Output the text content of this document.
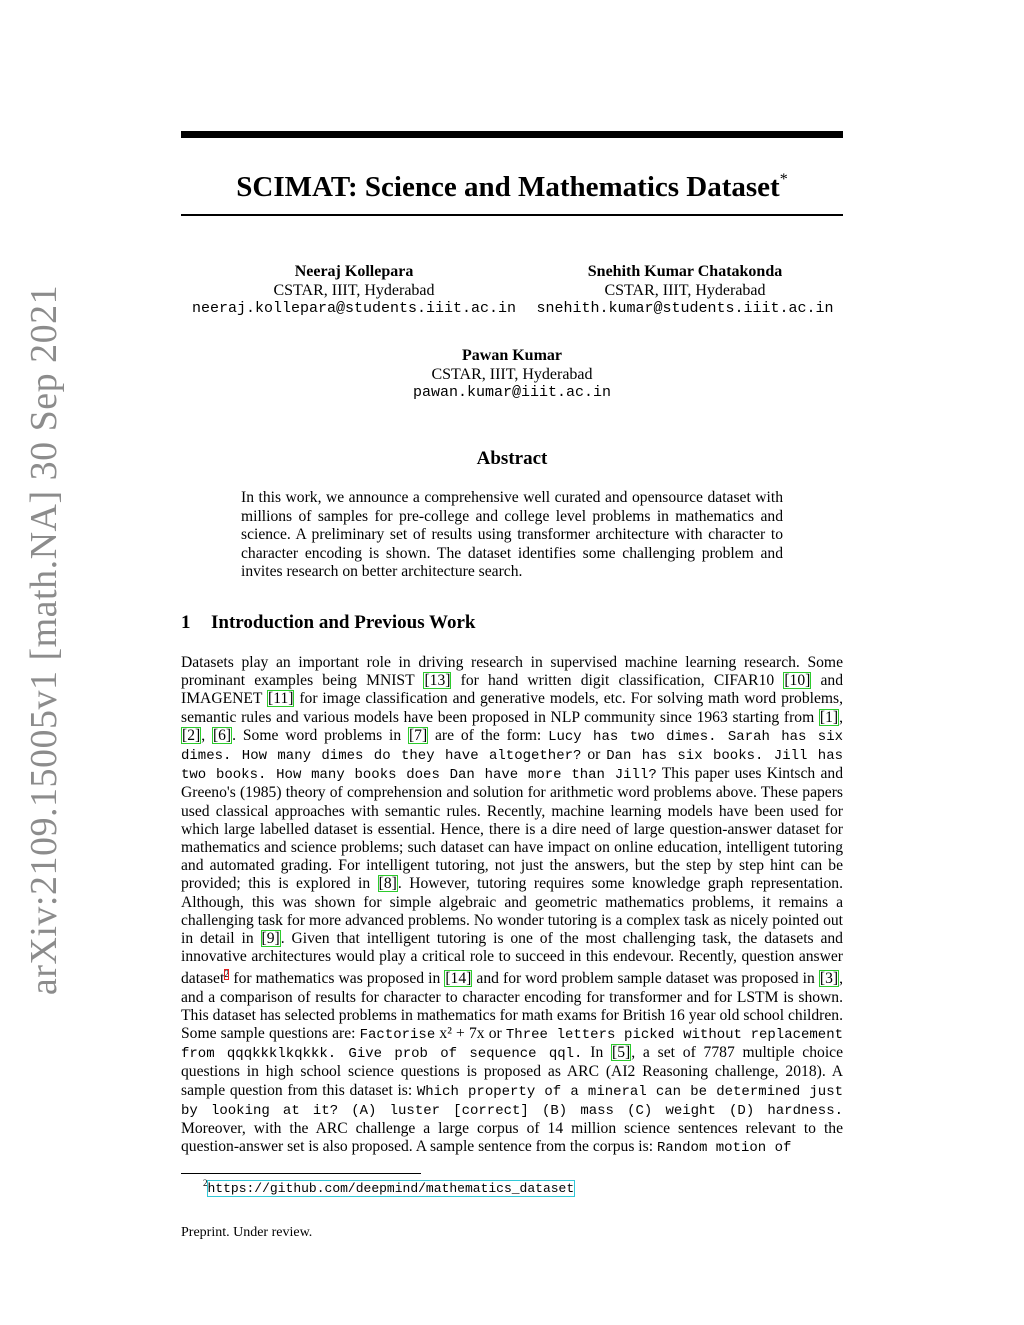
arXiv:2109.15005v1 [math.NA] 30 Sep 2021
SCIMAT: Science and Mathematics Dataset*
Neeraj Kollepara
CSTAR, IIIT, Hyderabad
neeraj.kollepara@students.iiit.ac.in
Snehith Kumar Chatakonda
CSTAR, IIIT, Hyderabad
snehith.kumar@students.iiit.ac.in
Pawan Kumar
CSTAR, IIIT, Hyderabad
pawan.kumar@iiit.ac.in
Abstract
In this work, we announce a comprehensive well curated and opensource dataset with millions of samples for pre-college and college level problems in mathematics and science. A preliminary set of results using transformer architecture with character to character encoding is shown. The dataset identifies some challenging problem and invites research on better architecture search.
1 Introduction and Previous Work
Datasets play an important role in driving research in supervised machine learning research. Some prominant examples being MNIST [13] for hand written digit classification, CIFAR10 [10] and IMAGENET [11] for image classification and generative models, etc. For solving math word problems, semantic rules and various models have been proposed in NLP community since 1963 starting from [1], [2], [6]. Some word problems in [7] are of the form: Lucy has two dimes. Sarah has six dimes. How many dimes do they have altogether? or Dan has six books. Jill has two books. How many books does Dan have more than Jill? This paper uses Kintsch and Greeno's (1985) theory of comprehension and solution for arithmetic word problems above. These papers used classical approaches with semantic rules. Recently, machine learning models have been used for which large labelled dataset is essential. Hence, there is a dire need of large question-answer dataset for mathematics and science problems; such dataset can have impact on online education, intelligent tutoring and automated grading. For intelligent tutoring, not just the answers, but the step by step hint can be provided; this is explored in [8]. However, tutoring requires some knowledge graph representation. Although, this was shown for simple algebraic and geometric mathematics problems, it remains a challenging task for more advanced problems. No wonder tutoring is a complex task as nicely pointed out in detail in [9]. Given that intelligent tutoring is one of the most challenging task, the datasets and innovative architectures would play a critical role to succeed in this endevour. Recently, question answer dataset$^2$ for mathematics was proposed in [14] and for word problem sample dataset was proposed in [3], and a comparison of results for character to character encoding for transformer and for LSTM is shown. This dataset has selected problems in mathematics for math exams for British 16 year old school children. Some sample questions are: Factorise x² + 7x or Three letters picked without replacement from qqqkkklkqkkk. Give prob of sequence qql. In [5], a set of 7787 multiple choice questions in high school science questions is proposed as ARC (AI2 Reasoning challenge, 2018). A sample question from this dataset is: Which property of a mineral can be determined just by looking at it? (A) luster [correct] (B) mass (C) weight (D) hardness. Moreover, with the ARC challenge a large corpus of 14 million science sentences relevant to the question-answer set is also proposed. A sample sentence from the corpus is: Random motion of
$^2$https://github.com/deepmind/mathematics_dataset
Preprint. Under review.
